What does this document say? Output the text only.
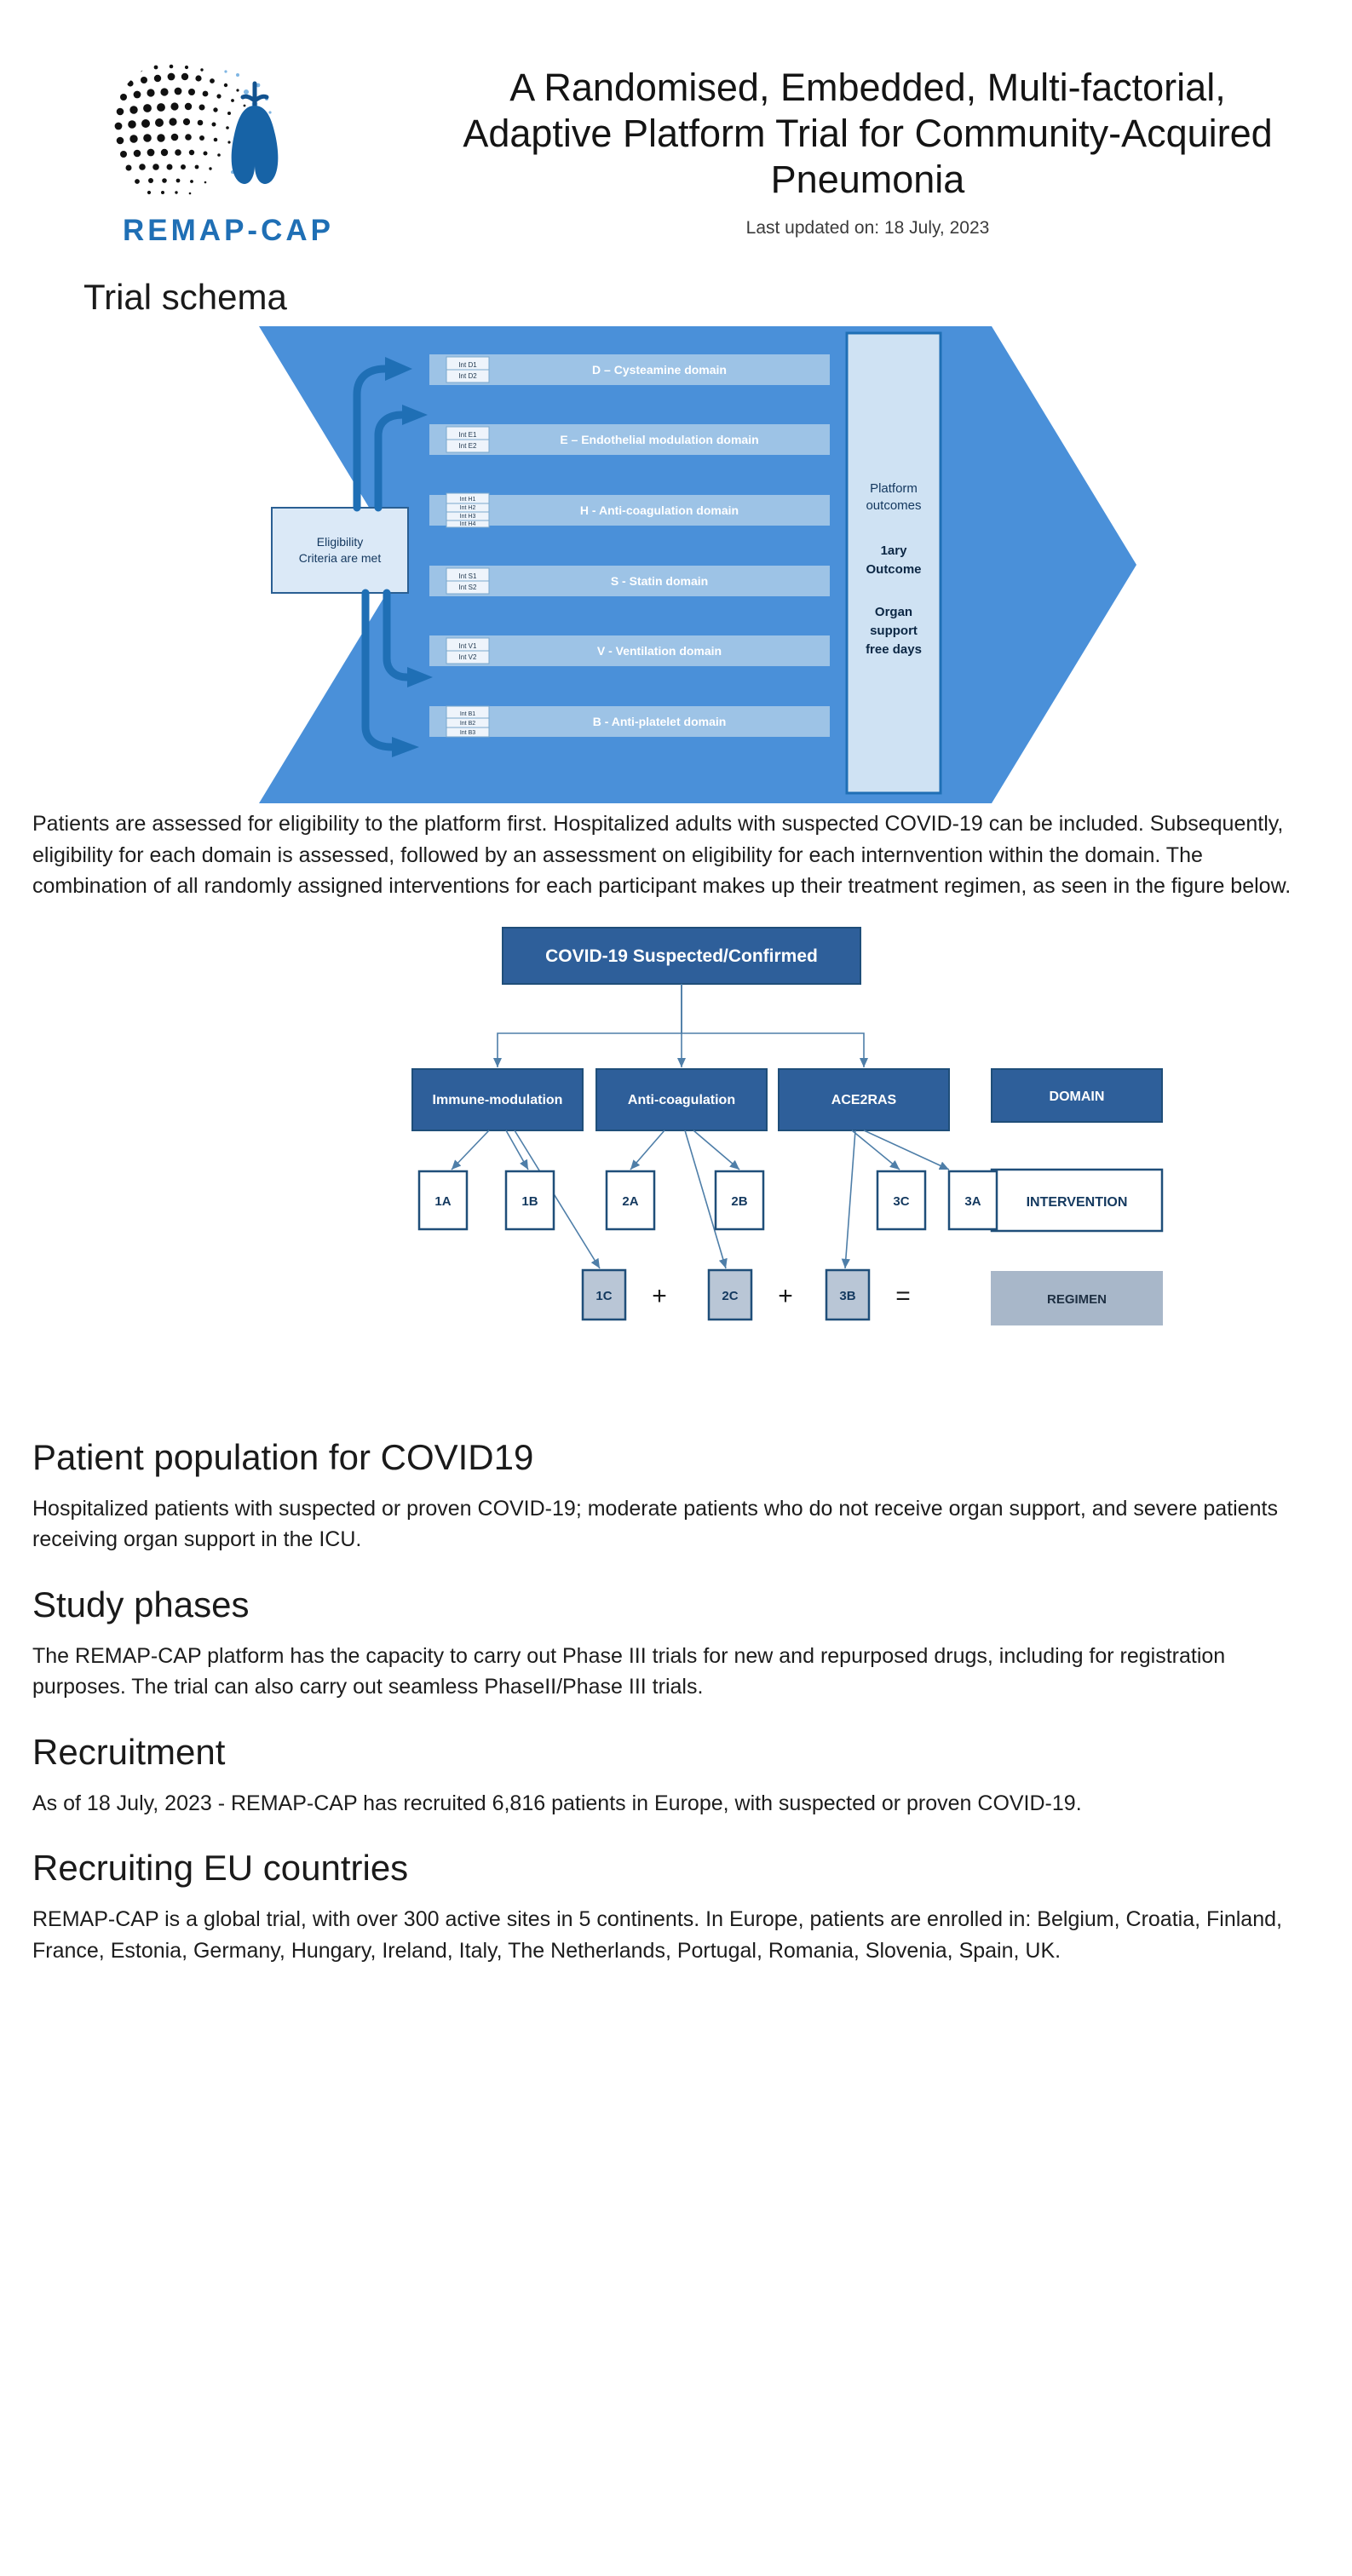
REMAP-CAP
A Randomised, Embedded, Multi-factorial, Adaptive Platform Trial for Community-Acquired Pneumonia
Last updated on: 18 July, 2023
Trial schema
Eligibility
Criteria are met
Int D1
Int D2	D – Cysteamine domain
Int E1
Int E2	E – Endothelial modulation domain
Int H1
Int H2
Int H3
Int H4
H - Anti-coagulation domain
Int S1
Int S2	S - Statin domain
Int V1
Int V2	V - Ventilation domain
Int B1
Int B2
Int B3
B - Anti-platelet domain
Platform
outcomes
1ary
Outcome
Organ
support
free days

Patients are assessed for eligibility to the platform first. Hospitalized adults with suspected COVID-19 can be included. Subsequently, eligibility for each domain is assessed, followed by an assessment on eligibility for each internvention within the domain. The combination of all randomly assigned interventions for each participant makes up their treatment regimen, as seen in the figure below.

COVID-19 Suspected/Confirmed
Immune-modulation	Anti-coagulation	ACE2RAS	DOMAIN
INTERVENTION
REGIMEN
1A	1B	2A	2B	3C	3A
1C +	2C +	3B =
Patient population for COVID19

Hospitalized patients with suspected or proven COVID-19; moderate patients who do not receive organ support, and severe patients receiving organ support in the ICU.

Study phases

The REMAP-CAP platform has the capacity to carry out Phase III trials for new and repurposed drugs, including for registration purposes. The trial can also carry out seamless PhaseII/Phase III trials.

Recruitment

As of 18 July, 2023 - REMAP-CAP has recruited 6,816 patients in Europe, with suspected or proven COVID-19.

Recruiting EU countries

REMAP-CAP is a global trial, with over 300 active sites in 5 continents. In Europe, patients are enrolled in: Belgium, Croatia, Finland, France, Estonia, Germany, Hungary, Ireland, Italy, The Netherlands, Portugal, Romania, Slovenia, Spain, UK.
